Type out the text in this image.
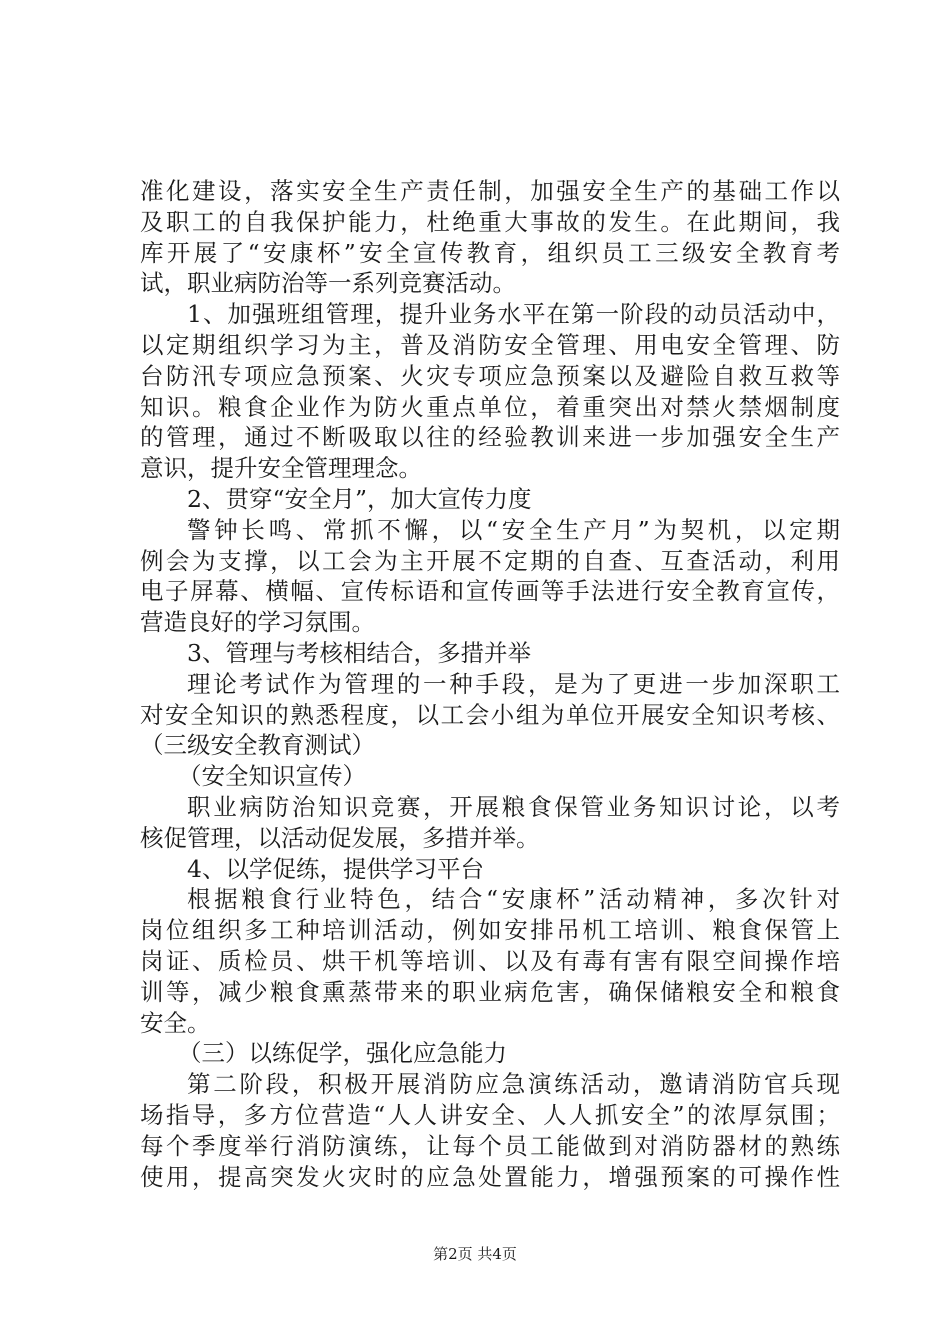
准化建设，落实安全生产责任制，加强安全生产的基础工作以
及职工的自我保护能力，杜绝重大事故的发生。在此期间，我
库开展了“安康杯”安全宣传教育，组织员工三级安全教育考
试，职业病防治等一系列竞赛活动。
1、加强班组管理，提升业务水平在第一阶段的动员活动中，
以定期组织学习为主，普及消防安全管理、用电安全管理、防
台防汛专项应急预案、火灾专项应急预案以及避险自救互救等
知识。粮食企业作为防火重点单位，着重突出对禁火禁烟制度
的管理，通过不断吸取以往的经验教训来进一步加强安全生产
意识，提升安全管理理念。
2、贯穿“安全月”，加大宣传力度
警钟长鸣、常抓不懈，以“安全生产月”为契机，以定期
例会为支撑，以工会为主开展不定期的自查、互查活动，利用
电子屏幕、横幅、宣传标语和宣传画等手法进行安全教育宣传，
营造良好的学习氛围。
3、管理与考核相结合，多措并举
理论考试作为管理的一种手段，是为了更进一步加深职工
对安全知识的熟悉程度，以工会小组为单位开展安全知识考核、
（三级安全教育测试）
（安全知识宣传）
职业病防治知识竞赛，开展粮食保管业务知识讨论，以考
核促管理，以活动促发展，多措并举。
4、以学促练，提供学习平台
根据粮食行业特色，结合“安康杯”活动精神，多次针对
岗位组织多工种培训活动，例如安排吊机工培训、粮食保管上
岗证、质检员、烘干机等培训、以及有毒有害有限空间操作培
训等，减少粮食熏蒸带来的职业病危害，确保储粮安全和粮食
安全。
（三）以练促学，强化应急能力
第二阶段，积极开展消防应急演练活动，邀请消防官兵现
场指导，多方位营造“人人讲安全、人人抓安全”的浓厚氛围；
每个季度举行消防演练，让每个员工能做到对消防器材的熟练
使用，提高突发火灾时的应急处置能力，增强预案的可操作性
第2页 共4页
